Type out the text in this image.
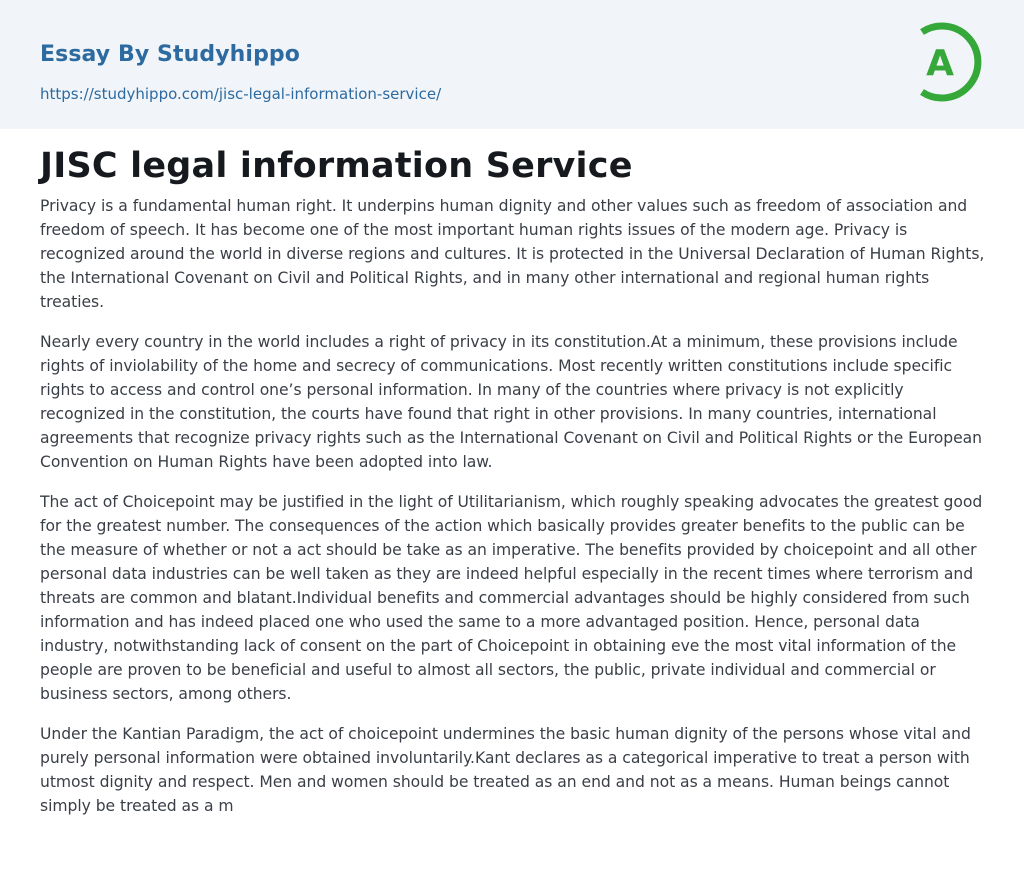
Essay By Studyhippo
https://studyhippo.com/jisc-legal-information-service/
A
JISC legal information Service

Privacy is a fundamental human right. It underpins human dignity and other values such as freedom of association and freedom of speech. It has become one of the most important human rights issues of the modern age. Privacy is recognized around the world in diverse regions and cultures. It is protected in the Universal Declaration of Human Rights, the International Covenant on Civil and Political Rights, and in many other international and regional human rights treaties.

Nearly every country in the world includes a right of privacy in its constitution.At a minimum, these provisions include rights of inviolability of the home and secrecy of communications. Most recently written constitutions include specific rights to access and control one’s personal information. In many of the countries where privacy is not explicitly recognized in the constitution, the courts have found that right in other provisions. In many countries, international agreements that recognize privacy rights such as the International Covenant on Civil and Political Rights or the European Convention on Human Rights have been adopted into law.

The act of Choicepoint may be justified in the light of Utilitarianism, which roughly speaking advocates the greatest good for the greatest number. The consequences of the action which basically provides greater benefits to the public can be the measure of whether or not a act should be take as an imperative. The benefits provided by choicepoint and all other personal data industries can be well taken as they are indeed helpful especially in the recent times where terrorism and threats are common and blatant.Individual benefits and commercial advantages should be highly considered from such information and has indeed placed one who used the same to a more advantaged position. Hence, personal data industry, notwithstanding lack of consent on the part of Choicepoint in obtaining eve the most vital information of the people are proven to be beneficial and useful to almost all sectors, the public, private individual and commercial or business sectors, among others.

Under the Kantian Paradigm, the act of choicepoint undermines the basic human dignity of the persons whose vital and purely personal information were obtained involuntarily.Kant declares as a categorical imperative to treat a person with utmost dignity and respect. Men and women should be treated as an end and not as a means. Human beings cannot simply be treated as a m
